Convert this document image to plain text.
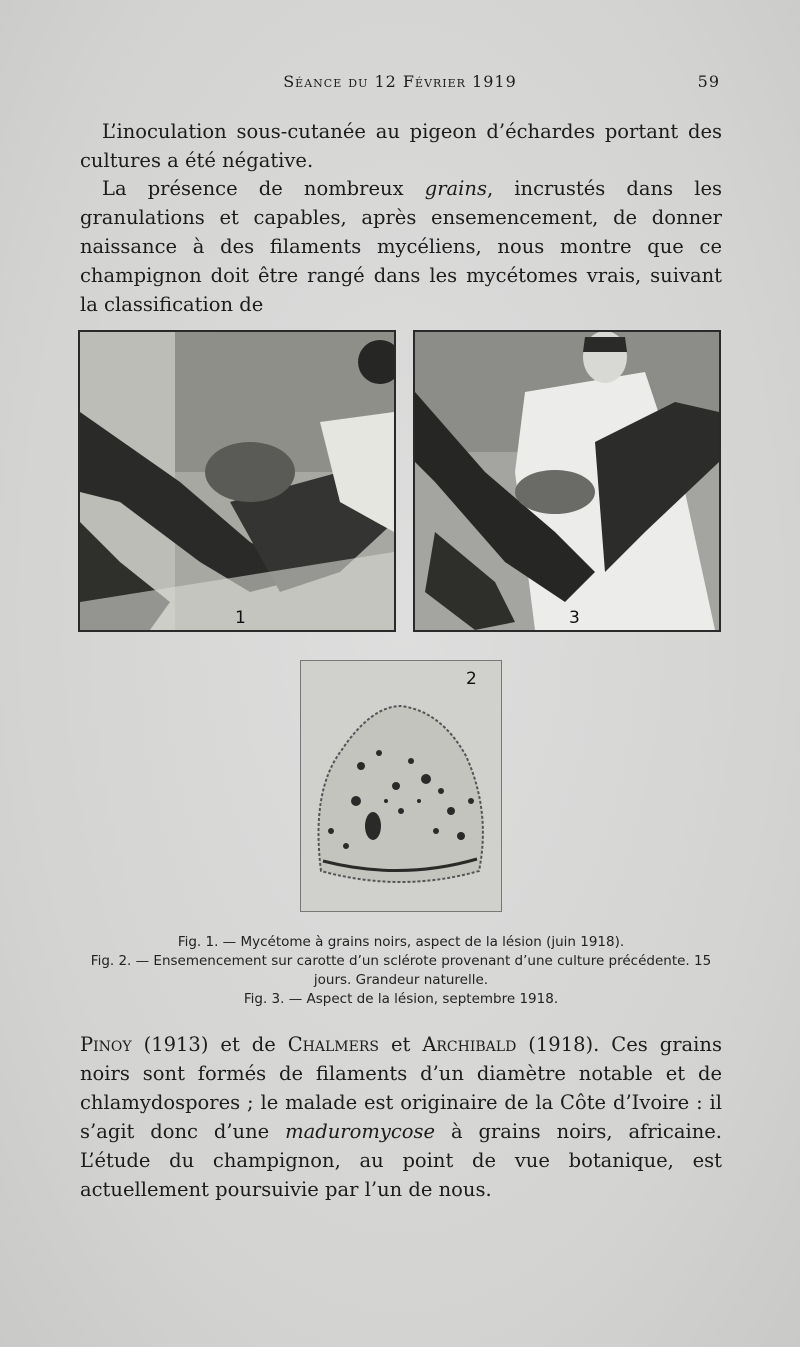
Séance du 12 Février 1919	59
L’inoculation sous-cutanée au pigeon d’échardes portant des cultures a été négative.
La présence de nombreux grains, incrustés dans les granulations et capables, après ensemencement, de donner naissance à des filaments mycéliens, nous montre que ce champignon doit être rangé dans les mycétomes vrais, suivant la classification de
1	3
2
Fig. 1. — Mycétome à grains noirs, aspect de la lésion (juin 1918).
Fig. 2. — Ensemencement sur carotte d’un sclérote provenant d’une culture précédente. 15 jours. Grandeur naturelle.
Fig. 3. — Aspect de la lésion, septembre 1918.
Pinoy (1913) et de Chalmers et Archibald (1918). Ces grains noirs sont formés de filaments d’un diamètre notable et de chlamydospores ; le malade est originaire de la Côte d’Ivoire : il s’agit donc d’une maduromycose à grains noirs, africaine. L’étude du champignon, au point de vue botanique, est actuellement poursuivie par l’un de nous.
